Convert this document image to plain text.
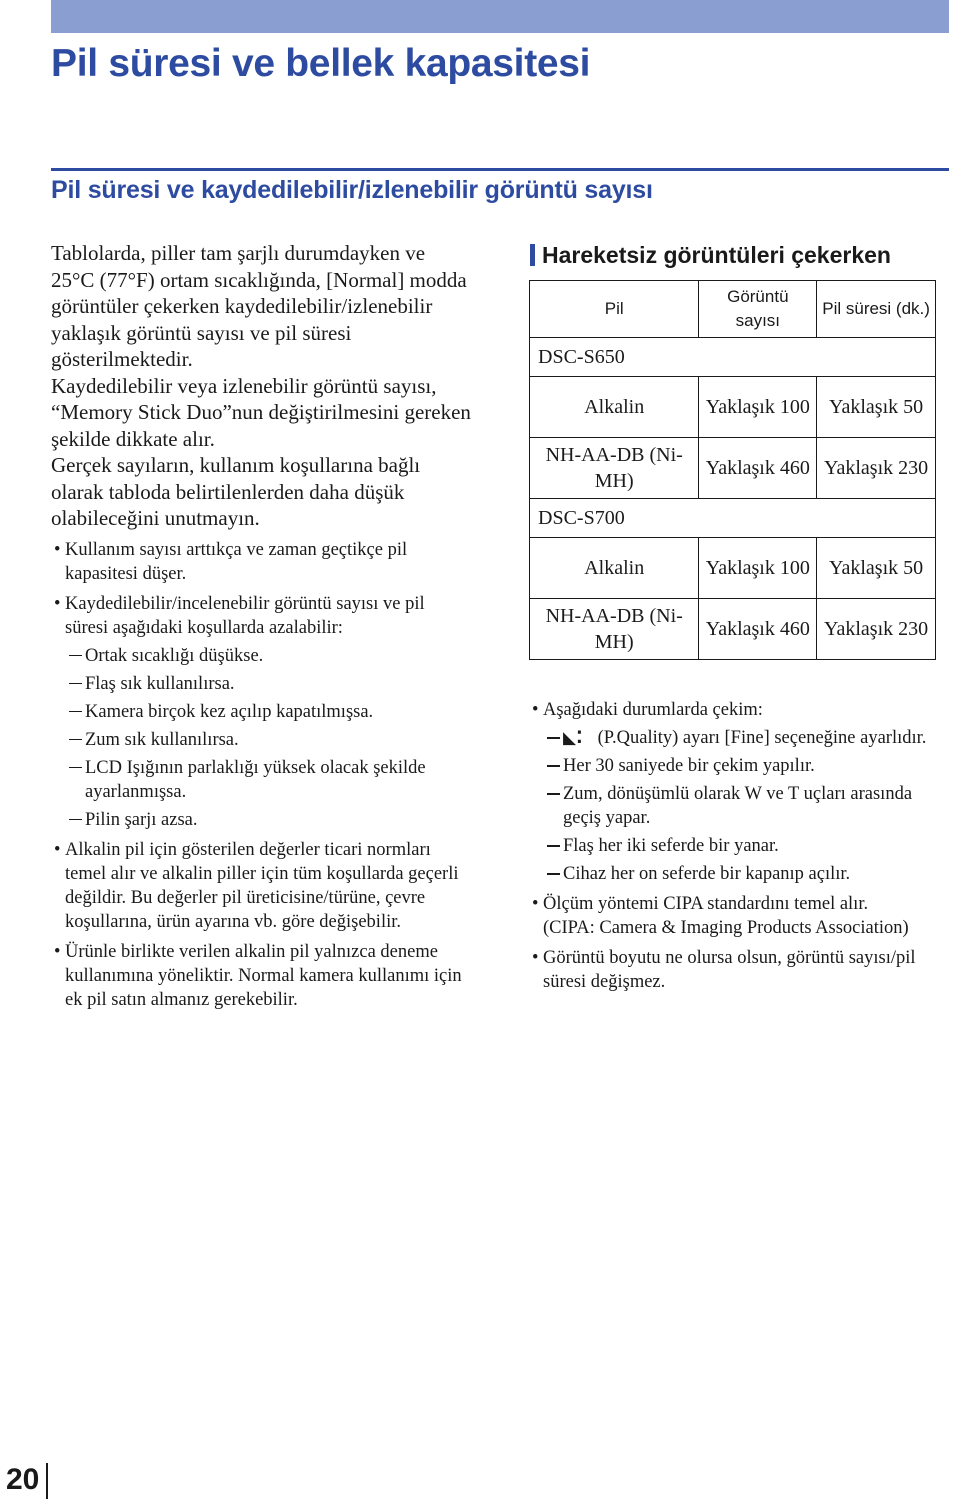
Pil süresi ve bellek kapasitesi
Pil süresi ve kaydedilebilir/izlenebilir görüntü sayısı

Tablolarda, piller tam şarjlı durumdayken ve 25°C (77°F) ortam sıcaklığında, [Normal] modda görüntüler çekerken kaydedilebilir/izlenebilir yaklaşık görüntü sayısı ve pil süresi gösterilmektedir.

Kaydedilebilir veya izlenebilir görüntü sayısı, “Memory Stick Duo”nun değiştirilmesini gereken şekilde dikkate alır.

Gerçek sayıların, kullanım koşullarına bağlı olarak tabloda belirtilenlerden daha düşük olabileceğini unutmayın.

• Kullanım sayısı arttıkça ve zaman geçtikçe pil kapasitesi düşer.
• Kaydedilebilir/incelenebilir görüntü sayısı ve pil süresi aşağıdaki koşullarda azalabilir:
Ortak sıcaklığı düşükse.
Flaş sık kullanılırsa.
Kamera birçok kez açılıp kapatılmışsa.
Zum sık kullanılırsa.
LCD Işığının parlaklığı yüksek olacak şekilde ayarlanmışsa.
Pilin şarjı azsa.
• Alkalin pil için gösterilen değerler ticari normları temel alır ve alkalin piller için tüm koşullarda geçerli değildir. Bu değerler pil üreticisine/türüne, çevre koşullarına, ürün ayarına vb. göre değişebilir.
• Ürünle birlikte verilen alkalin pil yalnızca deneme kullanımına yöneliktir. Normal kamera kullanımı için ek pil satın almanız gerekebilir.
Hareketsiz görüntüleri çekerken
Pil	Görüntü sayısı	Pil süresi (dk.)
DSC-S650		
Alkalin	Yaklaşık 100	Yaklaşık 50
NH-AA-DB (Ni-MH)	Yaklaşık 460	Yaklaşık 230
DSC-S700		
Alkalin	Yaklaşık 100	Yaklaşık 50
NH-AA-DB (Ni-MH)	Yaklaşık 460	Yaklaşık 230
• Aşağıdaki durumlarda çekim:
◣⁚ (P.Quality) ayarı [Fine] seçeneğine ayarlıdır.
Her 30 saniyede bir çekim yapılır.
Zum, dönüşümlü olarak W ve T uçları arasında geçiş yapar.
Flaş her iki seferde bir yanar.
Cihaz her on seferde bir kapanıp açılır.
• Ölçüm yöntemi CIPA standardını temel alır.
(CIPA: Camera & Imaging Products Association)
• Görüntü boyutu ne olursa olsun, görüntü sayısı/pil süresi değişmez.
20
